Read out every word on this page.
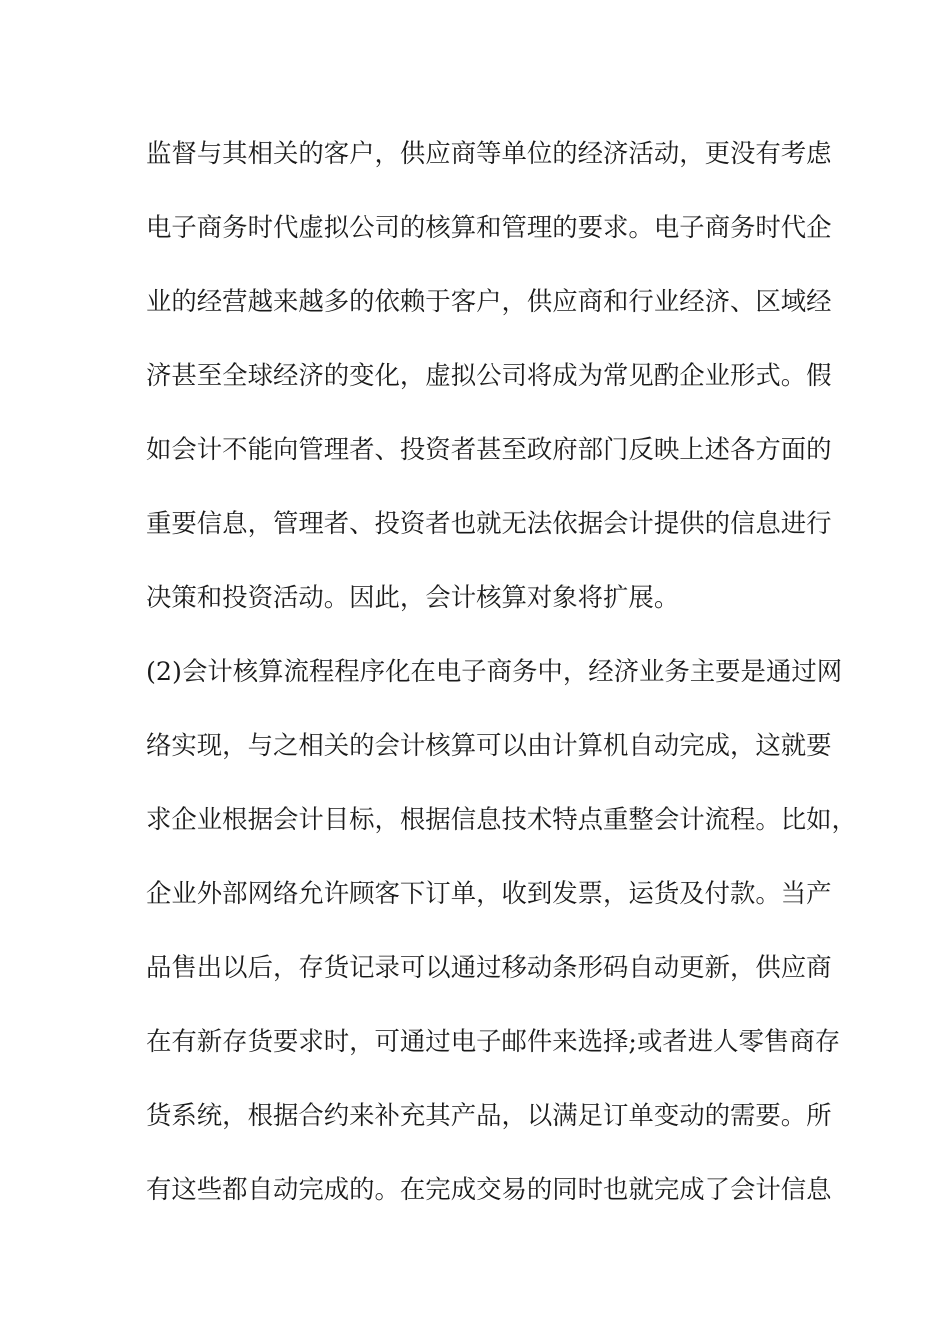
监督与其相关的客户，供应商等单位的经济活动，更没有考虑
电子商务时代虚拟公司的核算和管理的要求。电子商务时代企
业的经营越来越多的依赖于客户，供应商和行业经济、区域经
济甚至全球经济的变化，虚拟公司将成为常见酌企业形式。假
如会计不能向管理者、投资者甚至政府部门反映上述各方面的
重要信息，管理者、投资者也就无法依据会计提供的信息进行
决策和投资活动。因此，会计核算对象将扩展。
(2)会计核算流程程序化在电子商务中，经济业务主要是通过网
络实现，与之相关的会计核算可以由计算机自动完成，这就要
求企业根据会计目标，根据信息技术特点重整会计流程。比如，
企业外部网络允许顾客下订单，收到发票，运货及付款。当产
品售出以后，存货记录可以通过移动条形码自动更新，供应商
在有新存货要求时，可通过电子邮件来选择;或者进人零售商存
货系统，根据合约来补充其产品，以满足订单变动的需要。所
有这些都自动完成的。在完成交易的同时也就完成了会计信息
